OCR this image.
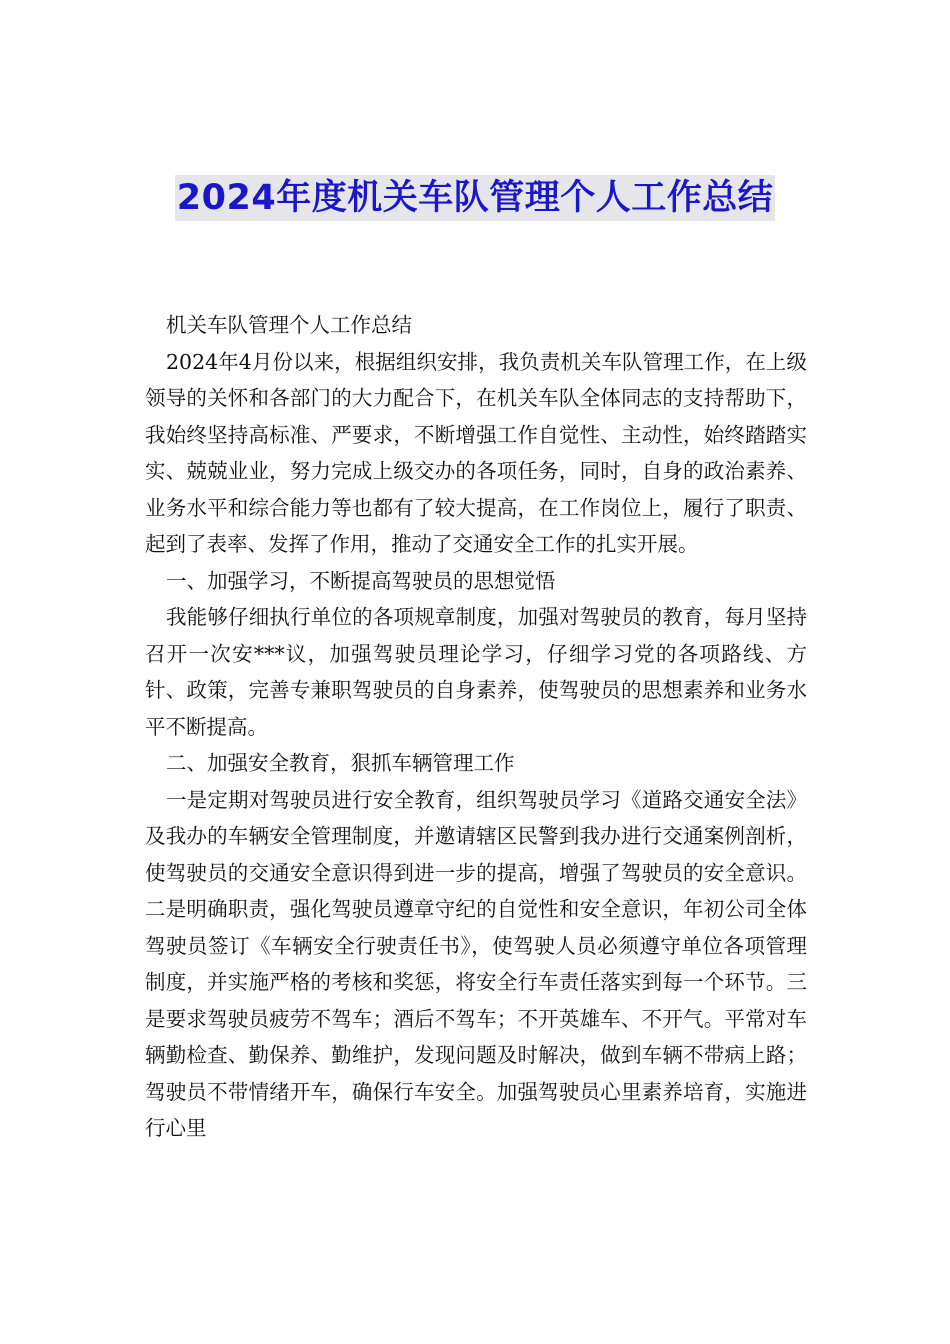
2024年度机关车队管理个人工作总结

机关车队管理个人工作总结

2024年4月份以来，根据组织安排，我负责机关车队管理工作，在上级领导的关怀和各部门的大力配合下，在机关车队全体同志的支持帮助下，我始终坚持高标准、严要求，不断增强工作自觉性、主动性，始终踏踏实实、兢兢业业，努力完成上级交办的各项任务，同时，自身的政治素养、业务水平和综合能力等也都有了较大提高，在工作岗位上，履行了职责、起到了表率、发挥了作用，推动了交通安全工作的扎实开展。

一、加强学习，不断提高驾驶员的思想觉悟

我能够仔细执行单位的各项规章制度，加强对驾驶员的教育，每月坚持召开一次安***议，加强驾驶员理论学习，仔细学习党的各项路线、方针、政策，完善专兼职驾驶员的自身素养，使驾驶员的思想素养和业务水平不断提高。

二、加强安全教育，狠抓车辆管理工作

一是定期对驾驶员进行安全教育，组织驾驶员学习《道路交通安全法》及我办的车辆安全管理制度，并邀请辖区民警到我办进行交通案例剖析，使驾驶员的交通安全意识得到进一步的提高，增强了驾驶员的安全意识。 二是明确职责，强化驾驶员遵章守纪的自觉性和安全意识，年初公司全体驾驶员签订《车辆安全行驶责任书》，使驾驶人员必须遵守单位各项管理制度，并实施严格的考核和奖惩，将安全行车责任落实到每一个环节。三是要求驾驶员疲劳不驾车；酒后不驾车；不开英雄车、不开气。平常对车辆勤检查、勤保养、勤维护，发现问题及时解决，做到车辆不带病上路；驾驶员不带情绪开车，确保行车安全。加强驾驶员心里素养培育，实施进行心里
